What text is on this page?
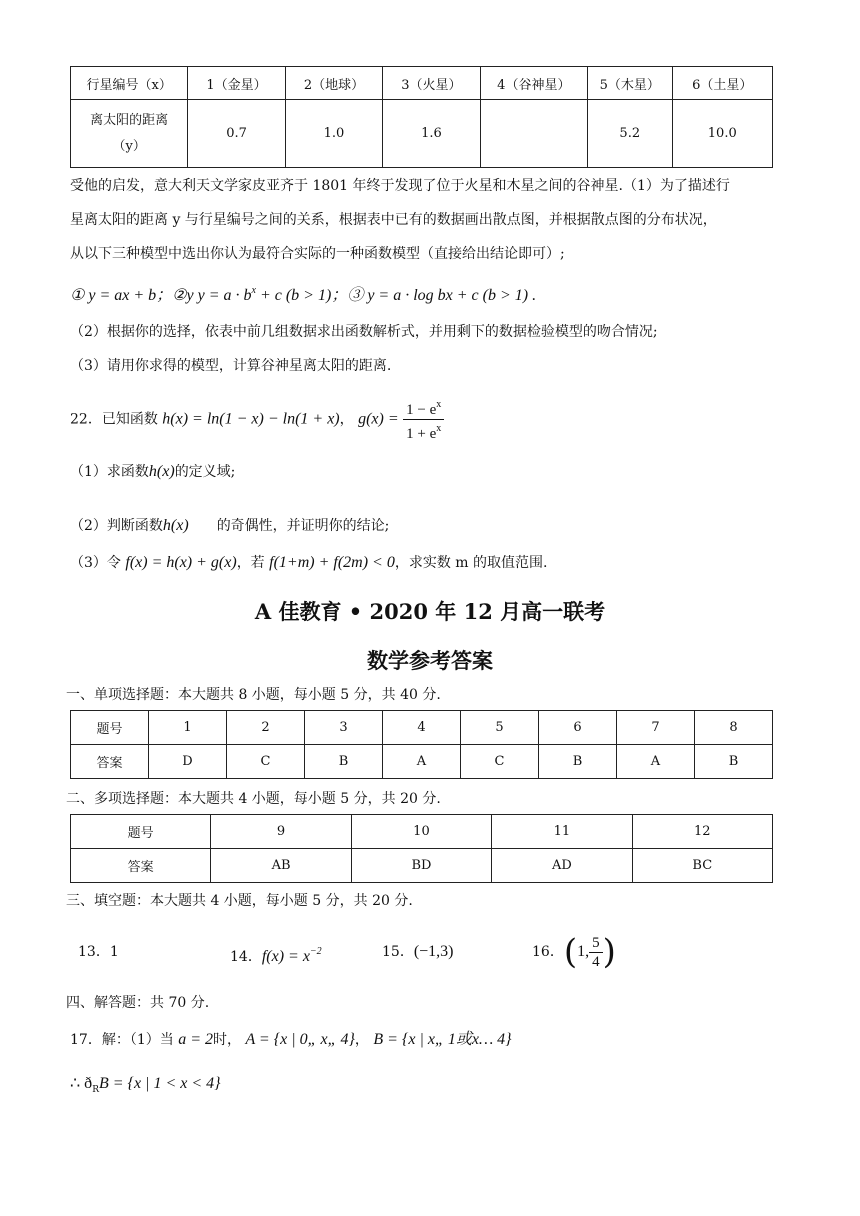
行星编号（x）	1（金星）	2（地球）	3（火星）	4（谷神星）	5（木星）	6（土星）
离太阳的距离
（y）	0.7	1.0	1.6		5.2	10.0
受他的启发，意大利天文学家皮亚齐于 1801 年终于发现了位于火星和木星之间的谷神星.（1）为了描述行
星离太阳的距离 y 与行星编号之间的关系，根据表中已有的数据画出散点图，并根据散点图的分布状况，
从以下三种模型中选出你认为最符合实际的一种函数模型（直接给出结论即可）;
① y = ax + b；②y $y = a \cdot b^x + c$ (b > 1)；③ y = a · log bx + c (b > 1) .
（2）根据你的选择，依表中前几组数据求出函数解析式，并用剩下的数据检验模型的吻合情况;
（3）请用你求得的模型，计算谷神星离太阳的距离.
22．已知函数 h(x) = ln(1 − x) − ln(1 + x)， $g(x) = \frac{1 - e^x}{1 + e^x}$
（1）求函数h(x)的定义域;
（2）判断函数h(x) 的奇偶性，并证明你的结论;
（3）令 f(x) = h(x) + g(x)，若 f(1+m) + f(2m) < 0，求实数 m 的取值范围.
A 佳教育 • 2020 年 12 月高一联考
数学参考答案
一、单项选择题：本大题共 8 小题，每小题 5 分，共 40 分.
题号	1	2	3	4	5	6	7	8
答案	D	C	B	A	C	B	A	B
二、多项选择题：本大题共 4 小题，每小题 5 分，共 20 分.
题号	9	10	11	12
答案	AB	BD	AD	BC
三、填空题：本大题共 4 小题，每小题 5 分，共 20 分.
13．1	14．$f(x) = x^{-2}$	15．(−1,3)	16．(1, $\frac{5}{4}$ )
四、解答题：共 70 分.
17．解：（1）当 a = 2时， A = {x | 0„ x„ 4}， B = {x | x„ 1或x… 4}
∴ $ð_RB = \{x$ | 1 < x < 4}
